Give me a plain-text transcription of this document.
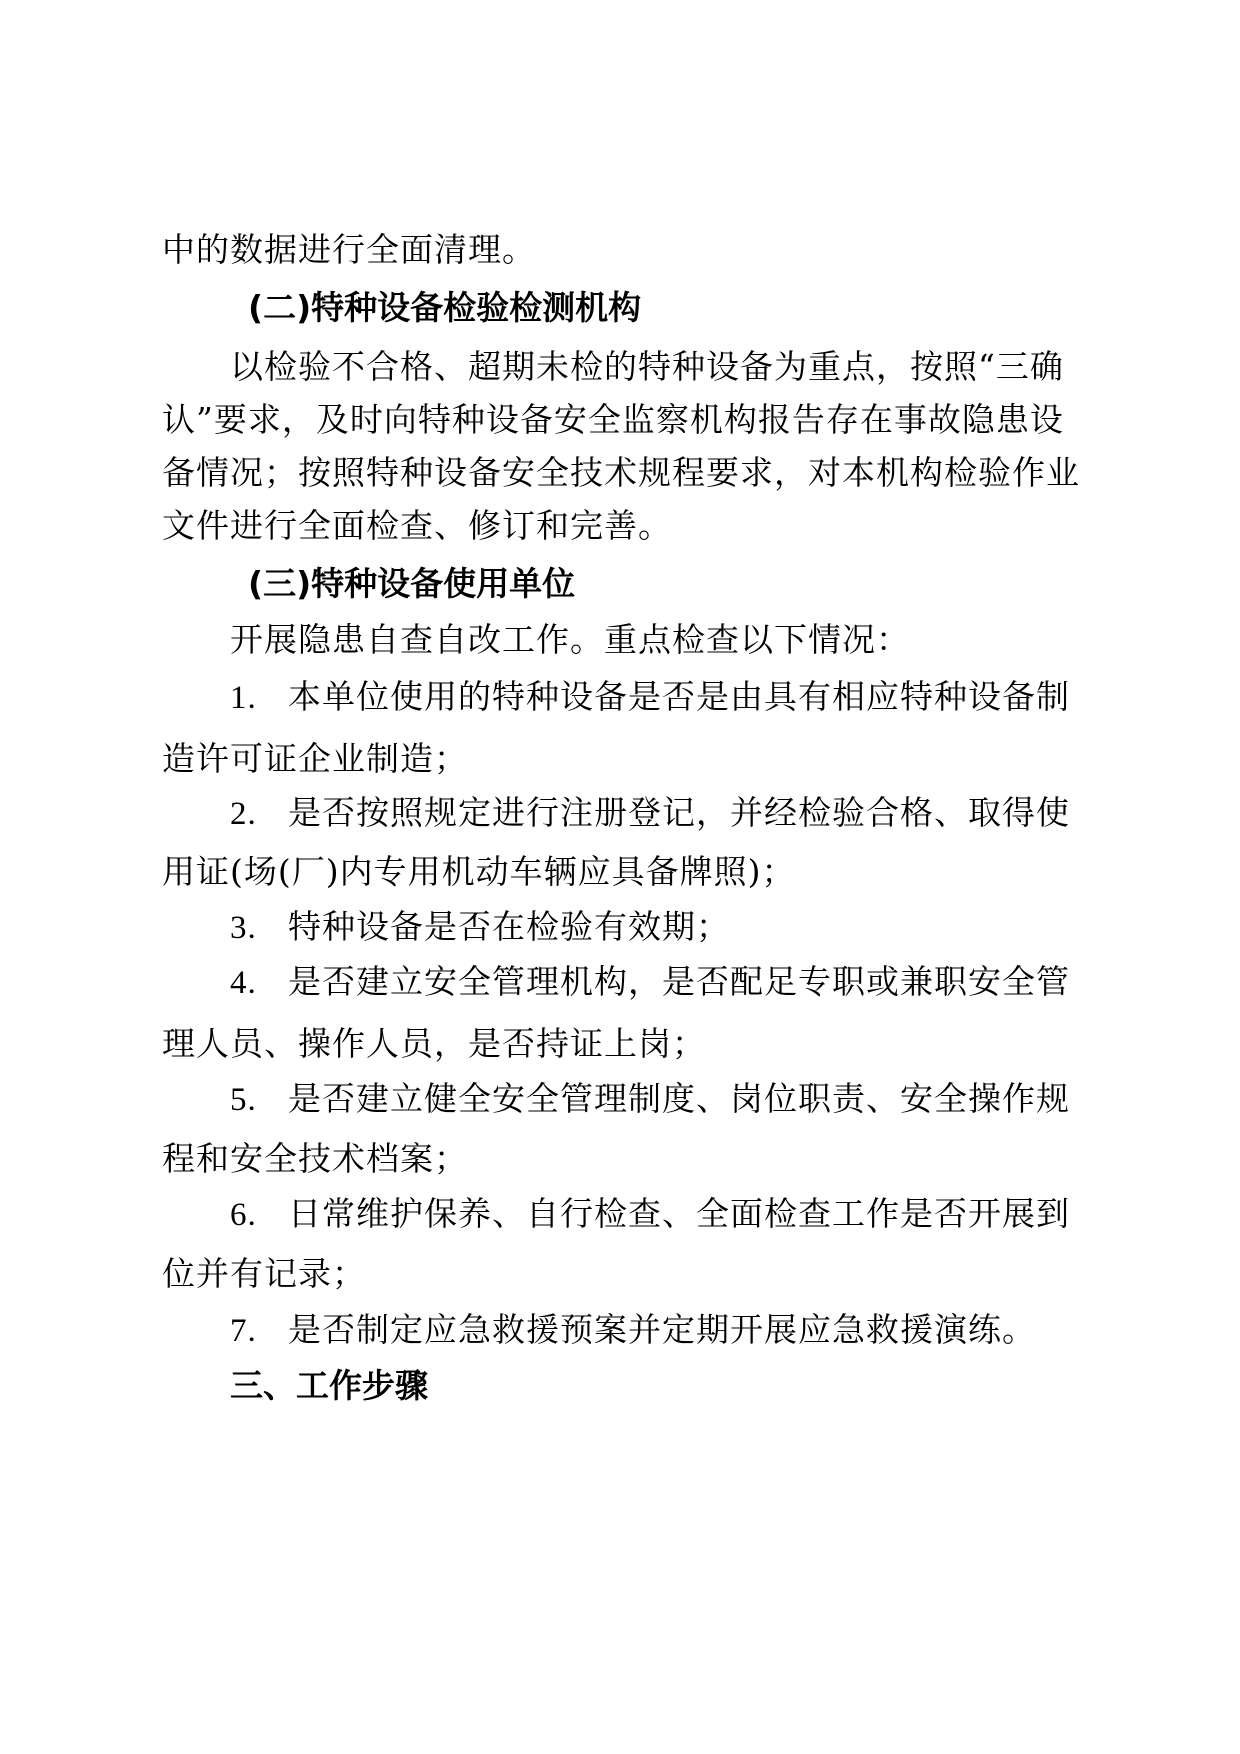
中的数据进行全面清理。
(二)特种设备检验检测机构
以检验不合格、超期未检的特种设备为重点，按照“三确
认”要求，及时向特种设备安全监察机构报告存在事故隐患设
备情况；按照特种设备安全技术规程要求，对本机构检验作业
文件进行全面检查、修订和完善。
(三)特种设备使用单位
开展隐患自查自改工作。重点检查以下情况：
1. 本单位使用的特种设备是否是由具有相应特种设备制
造许可证企业制造；
2. 是否按照规定进行注册登记，并经检验合格、取得使
用证(场(厂)内专用机动车辆应具备牌照)；
3. 特种设备是否在检验有效期；
4. 是否建立安全管理机构，是否配足专职或兼职安全管
理人员、操作人员，是否持证上岗；
5. 是否建立健全安全管理制度、岗位职责、安全操作规
程和安全技术档案；
6. 日常维护保养、自行检查、全面检查工作是否开展到
位并有记录；
7. 是否制定应急救援预案并定期开展应急救援演练。
三、工作步骤
